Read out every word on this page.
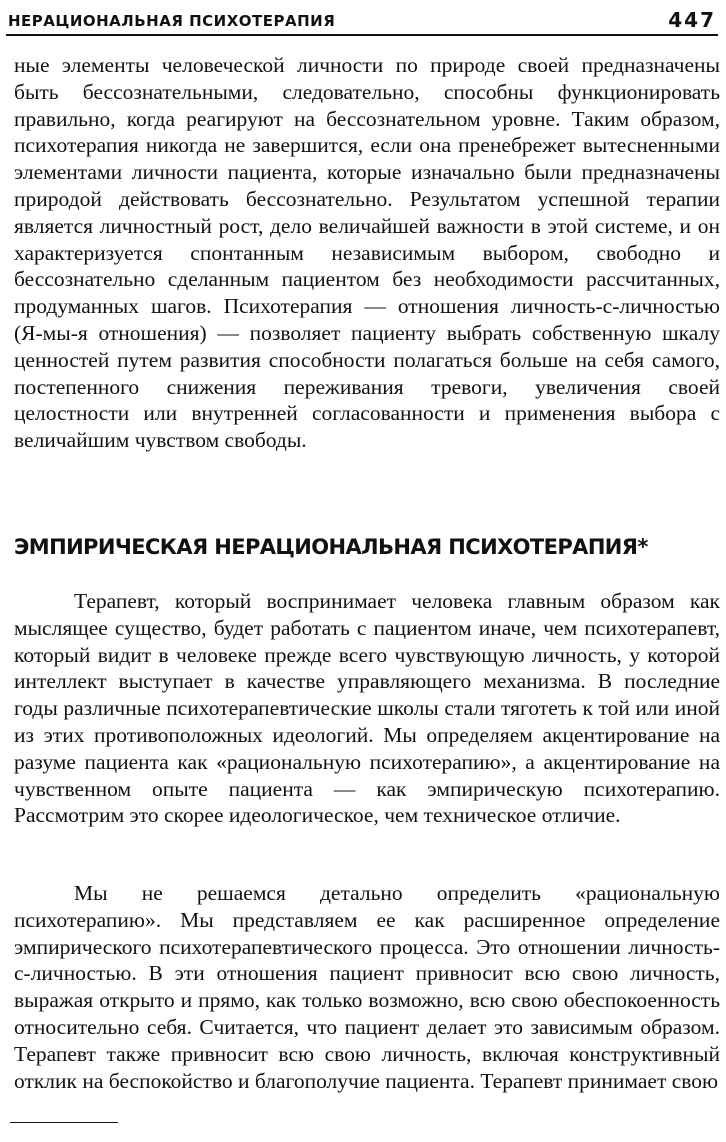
НЕРАЦИОНАЛЬНАЯ ПСИХОТЕРАПИЯ	447

ные элементы человеческой личности по природе своей предназначены быть бессознательными, следовательно, способны функционировать правильно, когда реагируют на бессознательном уровне. Таким образом, психотерапия никогда не завершится, если она пренебрежет вытесненными элементами личности пациента, которые изначально были предназначены природой действовать бессознательно. Результатом успешной терапии является личностный рост, дело величайшей важности в этой системе, и он характеризуется спонтанным независимым выбором, свободно и бессознательно сделанным пациентом без необходимости рассчитанных, продуманных шагов. Психотерапия — отношения личность-с-личностью (Я-мы-я отношения) — позволяет пациенту выбрать собственную шкалу ценностей путем развития способности полагаться больше на себя самого, постепенного снижения переживания тревоги, увеличения своей целостности или внутренней согласованности и применения выбора с величайшим чувством свободы.

ЭМПИРИЧЕСКАЯ НЕРАЦИОНАЛЬНАЯ ПСИХОТЕРАПИЯ*

Терапевт, который воспринимает человека главным образом как мыслящее существо, будет работать с пациентом иначе, чем психотерапевт, который видит в человеке прежде всего чувствующую личность, у которой интеллект выступает в качестве управляющего механизма. В последние годы различные психотерапевтические школы стали тяготеть к той или иной из этих противоположных идеологий. Мы определяем акцентирование на разуме пациента как «рациональную психотерапию», а акцентирование на чувственном опыте пациента — как эмпирическую психотерапию. Рассмотрим это скорее идеологическое, чем техническое отличие.

Мы не решаемся детально определить «рациональную психотерапию». Мы представляем ее как расширенное определение эмпирического психотерапевтического процесса. Это отношении личность-с-личностью. В эти отношения пациент привносит всю свою личность, выражая открыто и прямо, как только возможно, всю свою обеспокоенность относительно себя. Считается, что пациент делает это зависимым образом. Терапевт также привносит всю свою личность, включая конструктивный отклик на беспокойство и благополучие пациента. Терапевт принимает свою
